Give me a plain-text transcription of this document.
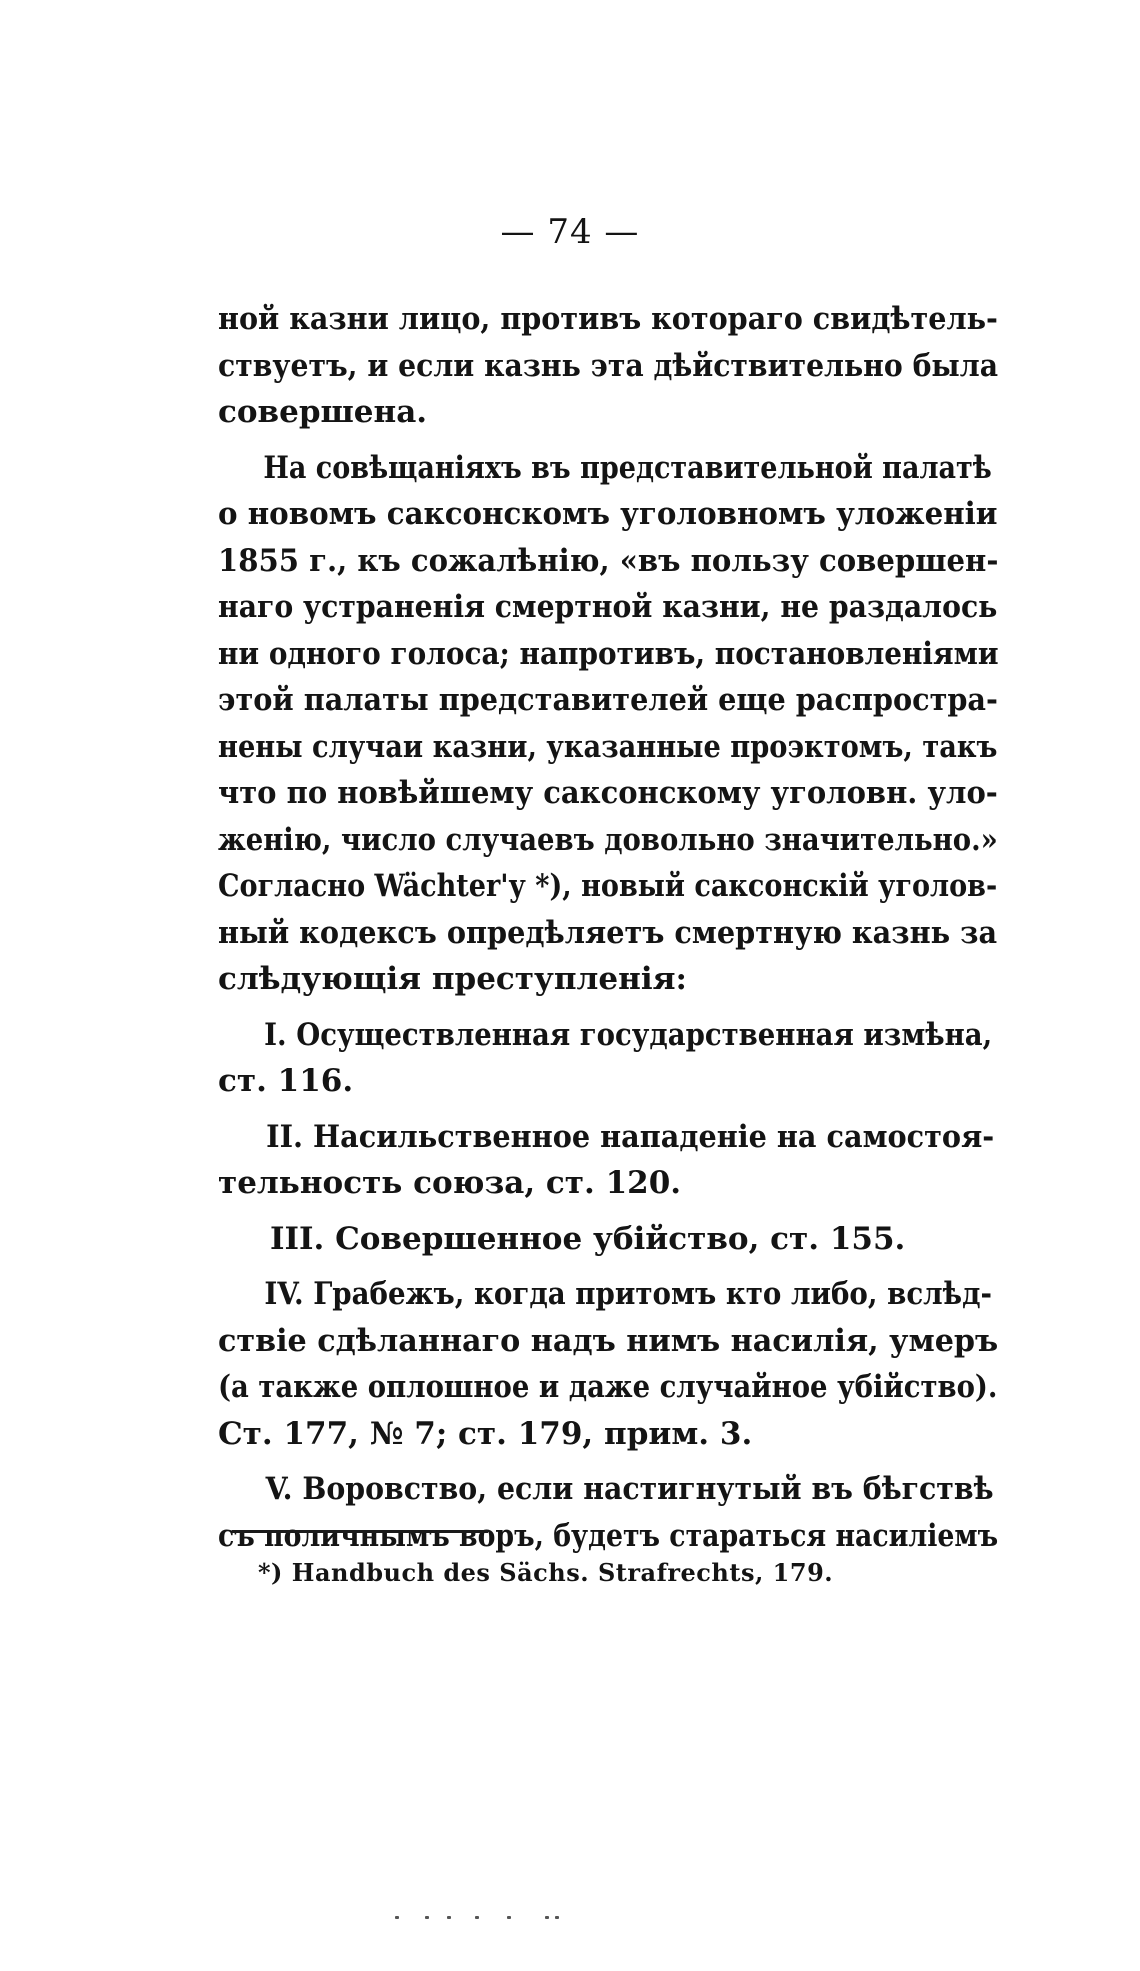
— 74 —
ной казни лицо, противъ котораго свидѣтель-
ствуетъ, и если казнь эта дѣйствительно была
совершена.
На совѣщаніяхъ въ представительной палатѣ
о новомъ саксонскомъ уголовномъ уложеніи
1855 г., къ сожалѣнію, «въ пользу совершен-
наго устраненія смертной казни, не раздалось
ни одного голоса; напротивъ, постановленіями
этой палаты представителей еще распростра-
нены случаи казни, указанные проэктомъ, такъ
что по новѣйшему саксонскому уголовн. уло-
женію, число случаевъ довольно значительно.»
Согласно Wächter'у *), новый саксонскій уголов-
ный кодексъ опредѣляетъ смертную казнь за
слѣдующія преступленія:
I. Осуществленная государственная измѣна,
ст. 116.
II. Насильственное нападеніе на самостоя-
тельность союза, ст. 120.
III. Совершенное убійство, ст. 155.
IV. Грабежъ, когда притомъ кто либо, вслѣд-
ствіе сдѣланнаго надъ нимъ насилія, умеръ
(а также оплошное и даже случайное убійство).
Ст. 177, № 7; ст. 179, прим. 3.
V. Воровство, если настигнутый въ бѣгствѣ
съ поличнымъ воръ, будетъ стараться насиліемъ
*) Handbuch des Sächs. Strafrechts, 179.
